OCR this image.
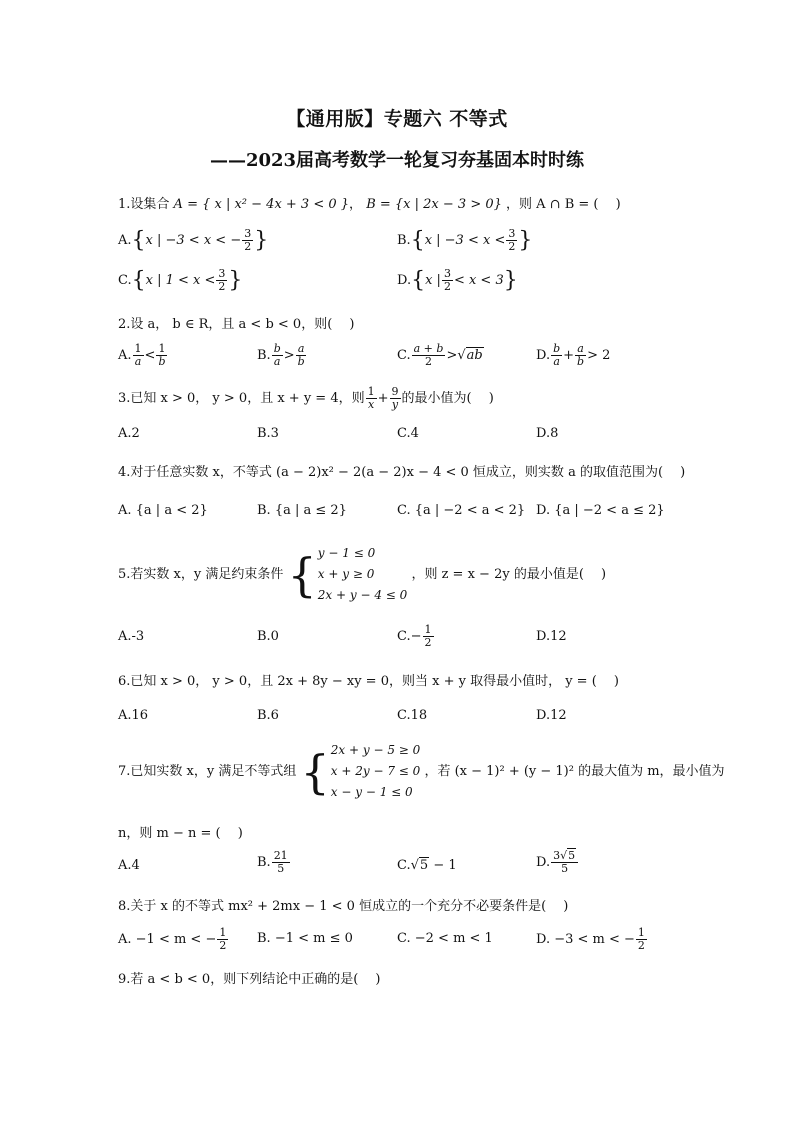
【通用版】专题六 不等式
——2023届高考数学一轮复习夯基固本时时练
1.设集合 A = { x | x² − 4x + 3 < 0 }， B = {x | 2x − 3 > 0} ，则 A ∩ B = (　 )
A.{x | −3 < x < − $\frac{3}{2}$ }	B.{x | $-3 < x < \frac{3}{2}$ }
C.{x | $1 < x < \frac{3}{2}$ }	D.{x | $\frac{3}{2} < x < 3$}
2.设 a， b ∈ R，且 a < b < 0，则(　 )
A. $\frac{1}{a} < \frac{1}{b}$	B. $\frac{b}{a} > \frac{a}{b}$	C. $\frac{a + b}{2} >√ab$	D. $\frac{b}{a} + \frac{a}{b} > 2$
3.已知 x > 0， y > 0，且 x + y = 4，则 $\frac{1}{x} + \frac{9}{y}$ 的最小值为(　 )
A.2	B.3	C.4	D.8
4.对于任意实数 x，不等式 (a − 2)x² − 2(a − 2)x − 4 < 0 恒成立，则实数 a 的取值范围为(　 )
A. {a | a < 2}	B. {a | a ≤ 2}	C. {a | −2 < a < 2} D. {a | −2 < a ≤ 2}
5.若实数 x，y 满足约束条件 { y − 1 ≤ 0
x + y ≥ 0
2x + y − 4 ≤ 0
，则 z = x − 2y 的最小值是(　 )
A.-3	B.0	$C.- \frac{1}{2}$	D.12
6.已知 x > 0， y > 0，且 2x + 8y − xy = 0，则当 x + y 取得最小值时， y = (　 )
A.16	B.6	C.18	D.12
7.已知实数 x，y 满足不等式组 { 2x + y − 5 ≥ 0
x + 2y − 7 ≤ 0
x − y − 1 ≤ 0
，若 (x − 1)² + (y − 1)² 的最大值为 m，最小值为
n，则 m − n = (　 )
A.4	B. $\frac{21}{5}$	C.√5 − 1	D. $\frac{3√5}{5}$
8.关于 x 的不等式 mx² + 2mx − 1 < 0 恒成立的一个充分不必要条件是(　 )
A. −1 < m < − $\frac{1}{2} B$. −1 < m ≤ 0	C. −2 < m < 1	D. −3 < m < − $\frac{1}{2}$
9.若 a < b < 0，则下列结论中正确的是(　 )
